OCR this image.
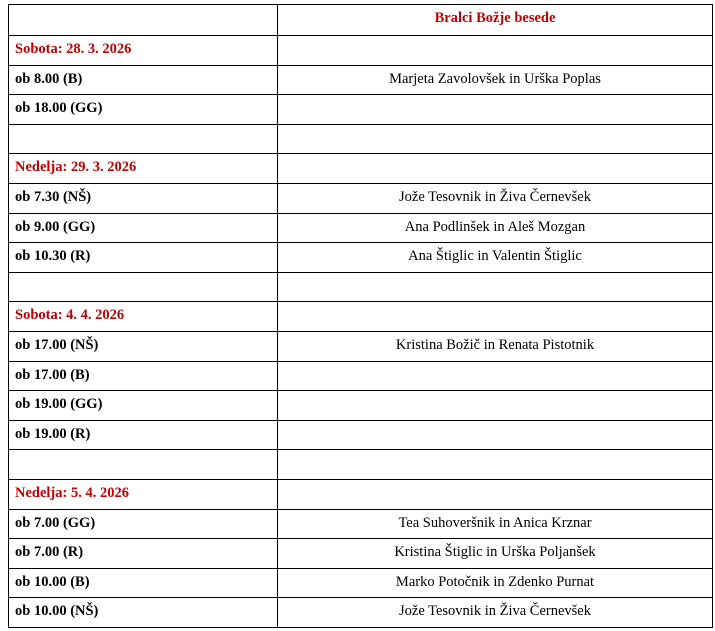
	Bralci Božje besede
Sobota: 28. 3. 2026	
ob 8.00 (B)	Marjeta Zavolovšek in Urška Poplas
ob 18.00 (GG)	

Nedelja: 29. 3. 2026	
ob 7.30 (NŠ)	Jože Tesovnik in Živa Černevšek
ob 9.00 (GG)	Ana Podlinšek in Aleš Mozgan
ob 10.30 (R)	Ana Štiglic in Valentin Štiglic

Sobota: 4. 4. 2026	
ob 17.00 (NŠ)	Kristina Božič in Renata Pistotnik
ob 17.00 (B)	
ob 19.00 (GG)	
ob 19.00 (R)	

Nedelja: 5. 4. 2026	
ob 7.00 (GG)	Tea Suhoveršnik in Anica Krznar
ob 7.00 (R)	Kristina Štiglic in Urška Poljanšek
ob 10.00 (B)	Marko Potočnik in Zdenko Purnat
ob 10.00 (NŠ)	Jože Tesovnik in Živa Černevšek
